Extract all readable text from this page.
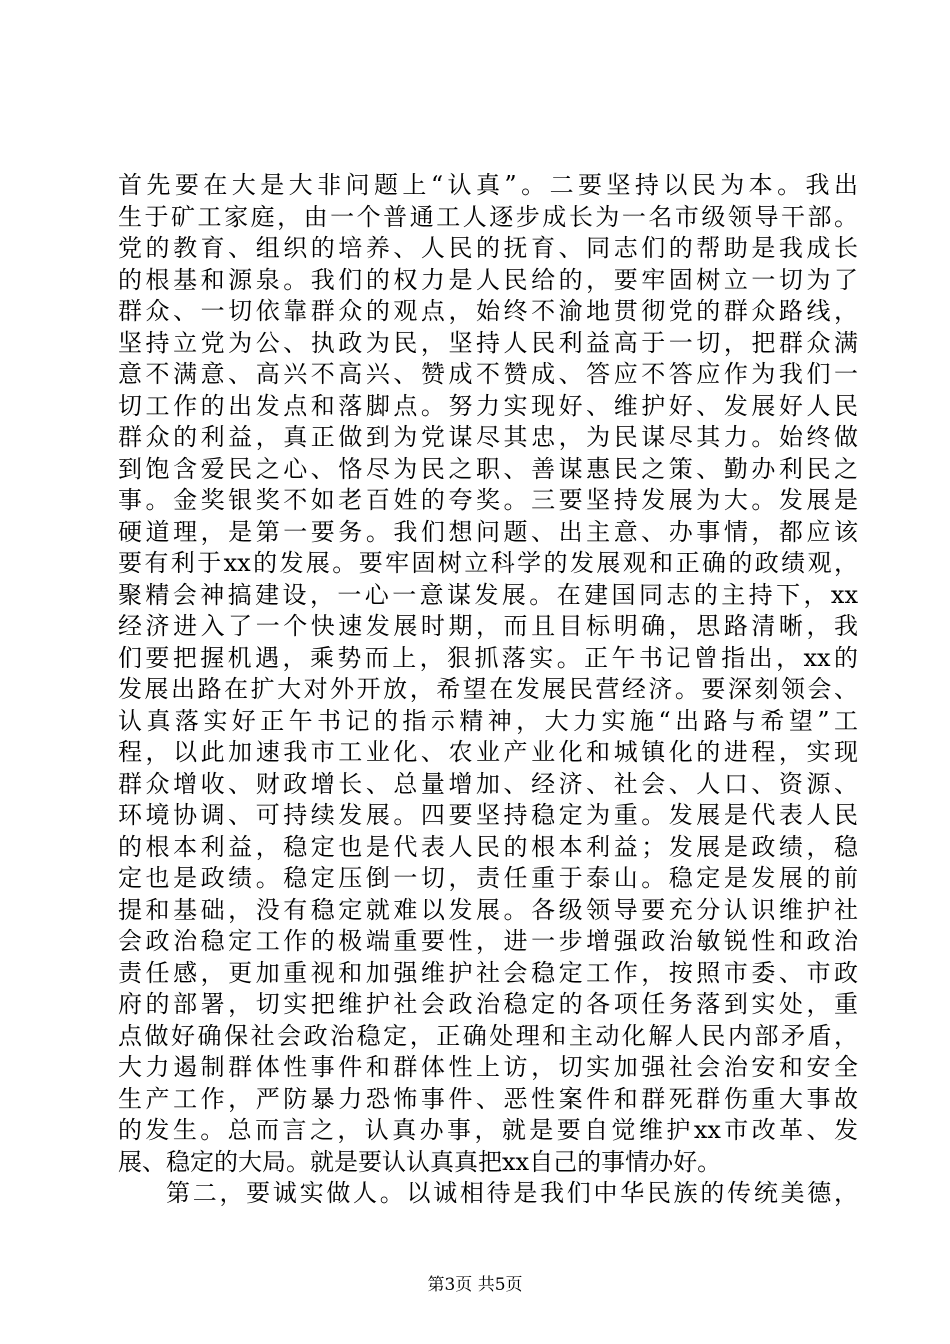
首先要在大是大非问题上“认真”。二要坚持以民为本。我出
生于矿工家庭，由一个普通工人逐步成长为一名市级领导干部。
党的教育、组织的培养、人民的抚育、同志们的帮助是我成长
的根基和源泉。我们的权力是人民给的，要牢固树立一切为了
群众、一切依靠群众的观点，始终不渝地贯彻党的群众路线，
坚持立党为公、执政为民，坚持人民利益高于一切，把群众满
意不满意、高兴不高兴、赞成不赞成、答应不答应作为我们一
切工作的出发点和落脚点。努力实现好、维护好、发展好人民
群众的利益，真正做到为党谋尽其忠，为民谋尽其力。始终做
到饱含爱民之心、恪尽为民之职、善谋惠民之策、勤办利民之
事。金奖银奖不如老百姓的夸奖。三要坚持发展为大。发展是
硬道理，是第一要务。我们想问题、出主意、办事情，都应该
要有利于xx的发展。要牢固树立科学的发展观和正确的政绩观，
聚精会神搞建设，一心一意谋发展。在建国同志的主持下，xx
经济进入了一个快速发展时期，而且目标明确，思路清晰，我
们要把握机遇，乘势而上，狠抓落实。正午书记曾指出，xx的
发展出路在扩大对外开放，希望在发展民营经济。要深刻领会、
认真落实好正午书记的指示精神，大力实施“出路与希望”工
程，以此加速我市工业化、农业产业化和城镇化的进程，实现
群众增收、财政增长、总量增加、经济、社会、人口、资源、
环境协调、可持续发展。四要坚持稳定为重。发展是代表人民
的根本利益，稳定也是代表人民的根本利益；发展是政绩，稳
定也是政绩。稳定压倒一切，责任重于泰山。稳定是发展的前
提和基础，没有稳定就难以发展。各级领导要充分认识维护社
会政治稳定工作的极端重要性，进一步增强政治敏锐性和政治
责任感，更加重视和加强维护社会稳定工作，按照市委、市政
府的部署，切实把维护社会政治稳定的各项任务落到实处，重
点做好确保社会政治稳定，正确处理和主动化解人民内部矛盾，
大力遏制群体性事件和群体性上访，切实加强社会治安和安全
生产工作，严防暴力恐怖事件、恶性案件和群死群伤重大事故
的发生。总而言之，认真办事，就是要自觉维护xx市改革、发
展、稳定的大局。就是要认认真真把xx自己的事情办好。
第二，要诚实做人。以诚相待是我们中华民族的传统美德，
第3页 共5页
